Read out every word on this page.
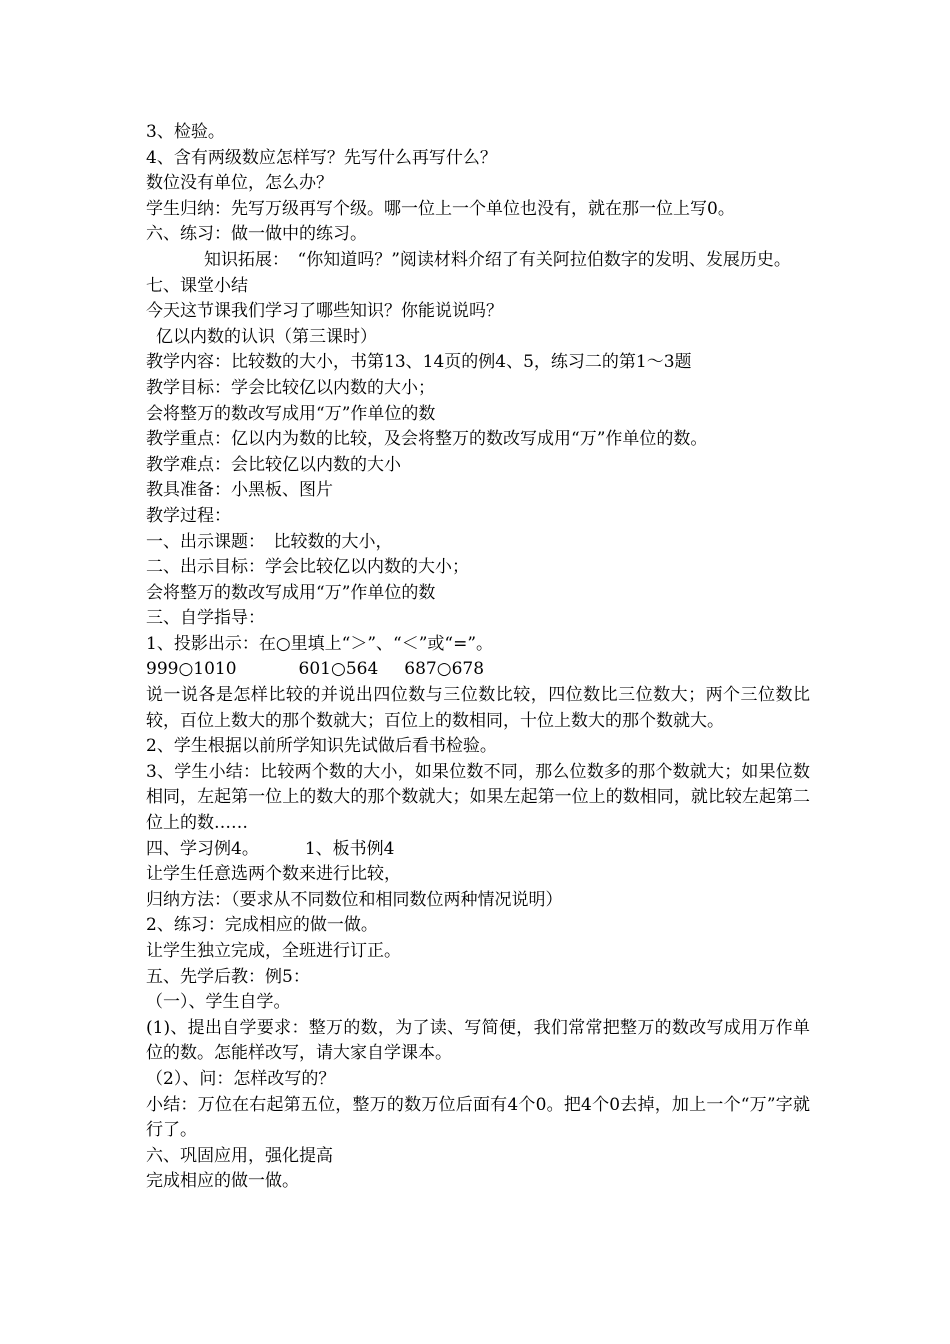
3、检验。
4、含有两级数应怎样写？先写什么再写什么？
数位没有单位，怎么办？
学生归纳：先写万级再写个级。哪一位上一个单位也没有，就在那一位上写0。
六、练习：做一做中的练习。
知识拓展：　“你知道吗？”阅读材料介绍了有关阿拉伯数字的发明、发展历史。
七、课堂小结
今天这节课我们学习了哪些知识？你能说说吗？
亿以内数的认识（第三课时）
教学内容：比较数的大小，书第13、14页的例4、5，练习二的第1～3题
教学目标：学会比较亿以内数的大小；
会将整万的数改写成用“万”作单位的数
教学重点：亿以内为数的比较，及会将整万的数改写成用“万”作单位的数。
教学难点：会比较亿以内数的大小
教具准备：小黑板、图片
教学过程：
一、出示课题：　比较数的大小，
二、出示目标：学会比较亿以内数的大小；
会将整万的数改写成用“万”作单位的数
三、自学指导：
1、投影出示：在○里填上“＞”、“＜”或“=”。
999○1010	601○564 687○678
说一说各是怎样比较的并说出四位数与三位数比较，四位数比三位数大；两个三位数比较，百位上数大的那个数就大；百位上的数相同，十位上数大的那个数就大。
2、学生根据以前所学知识先试做后看书检验。
3、学生小结：比较两个数的大小，如果位数不同，那么位数多的那个数就大；如果位数相同，左起第一位上的数大的那个数就大；如果左起第一位上的数相同，就比较左起第二位上的数……
四、学习例4。	1、板书例4
让学生任意选两个数来进行比较，
归纳方法：（要求从不同数位和相同数位两种情况说明）
2、练习：完成相应的做一做。
让学生独立完成，全班进行订正。
五、先学后教：例5：
（一）、学生自学。
(1)、提出自学要求：整万的数，为了读、写简便，我们常常把整万的数改写成用万作单位的数。怎能样改写，请大家自学课本。
（2）、问：怎样改写的？
小结：万位在右起第五位，整万的数万位后面有4个0。把4个0去掉，加上一个“万”字就行了。
六、巩固应用，强化提高
完成相应的做一做。
